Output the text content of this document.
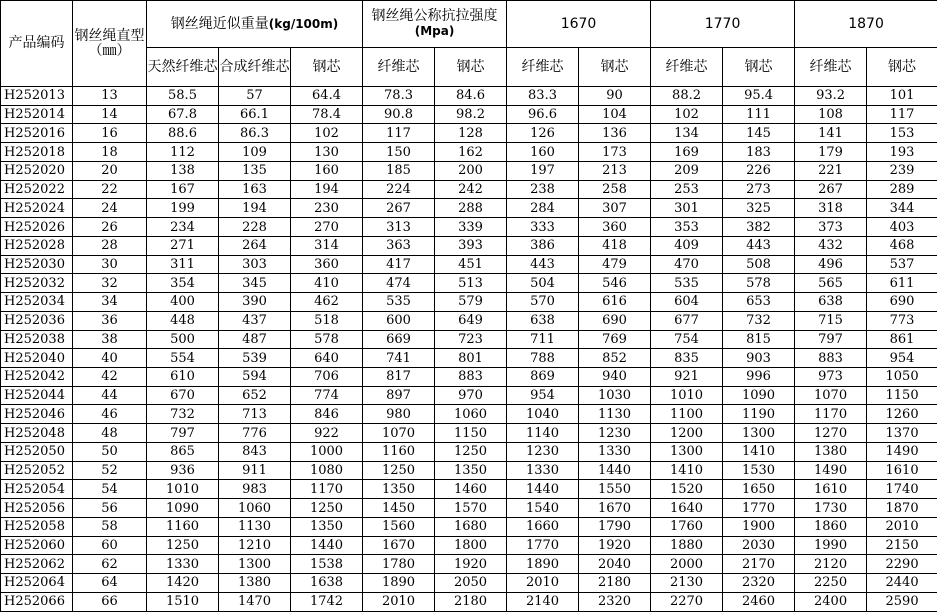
产品编码	钢丝绳直型（㎜）	钢丝绳近似重量(kg/100m)			钢丝绳公称抗拉强度
(Mpa)		1670		1770		1870	
		天然纤维芯	合成纤维芯	钢芯	纤维芯	钢芯	纤维芯	钢芯	纤维芯	钢芯	纤维芯	钢芯
H252013	13	58.5	57	64.4	78.3	84.6	83.3	90	88.2	95.4	93.2	101
H252014	14	67.8	66.1	78.4	90.8	98.2	96.6	104	102	111	108	117
H252016	16	88.6	86.3	102	117	128	126	136	134	145	141	153
H252018	18	112	109	130	150	162	160	173	169	183	179	193
H252020	20	138	135	160	185	200	197	213	209	226	221	239
H252022	22	167	163	194	224	242	238	258	253	273	267	289
H252024	24	199	194	230	267	288	284	307	301	325	318	344
H252026	26	234	228	270	313	339	333	360	353	382	373	403
H252028	28	271	264	314	363	393	386	418	409	443	432	468
H252030	30	311	303	360	417	451	443	479	470	508	496	537
H252032	32	354	345	410	474	513	504	546	535	578	565	611
H252034	34	400	390	462	535	579	570	616	604	653	638	690
H252036	36	448	437	518	600	649	638	690	677	732	715	773
H252038	38	500	487	578	669	723	711	769	754	815	797	861
H252040	40	554	539	640	741	801	788	852	835	903	883	954
H252042	42	610	594	706	817	883	869	940	921	996	973	1050
H252044	44	670	652	774	897	970	954	1030	1010	1090	1070	1150
H252046	46	732	713	846	980	1060	1040	1130	1100	1190	1170	1260
H252048	48	797	776	922	1070	1150	1140	1230	1200	1300	1270	1370
H252050	50	865	843	1000	1160	1250	1230	1330	1300	1410	1380	1490
H252052	52	936	911	1080	1250	1350	1330	1440	1410	1530	1490	1610
H252054	54	1010	983	1170	1350	1460	1440	1550	1520	1650	1610	1740
H252056	56	1090	1060	1250	1450	1570	1540	1670	1640	1770	1730	1870
H252058	58	1160	1130	1350	1560	1680	1660	1790	1760	1900	1860	2010
H252060	60	1250	1210	1440	1670	1800	1770	1920	1880	2030	1990	2150
H252062	62	1330	1300	1538	1780	1920	1890	2040	2000	2170	2120	2290
H252064	64	1420	1380	1638	1890	2050	2010	2180	2130	2320	2250	2440
H252066	66	1510	1470	1742	2010	2180	2140	2320	2270	2460	2400	2590
